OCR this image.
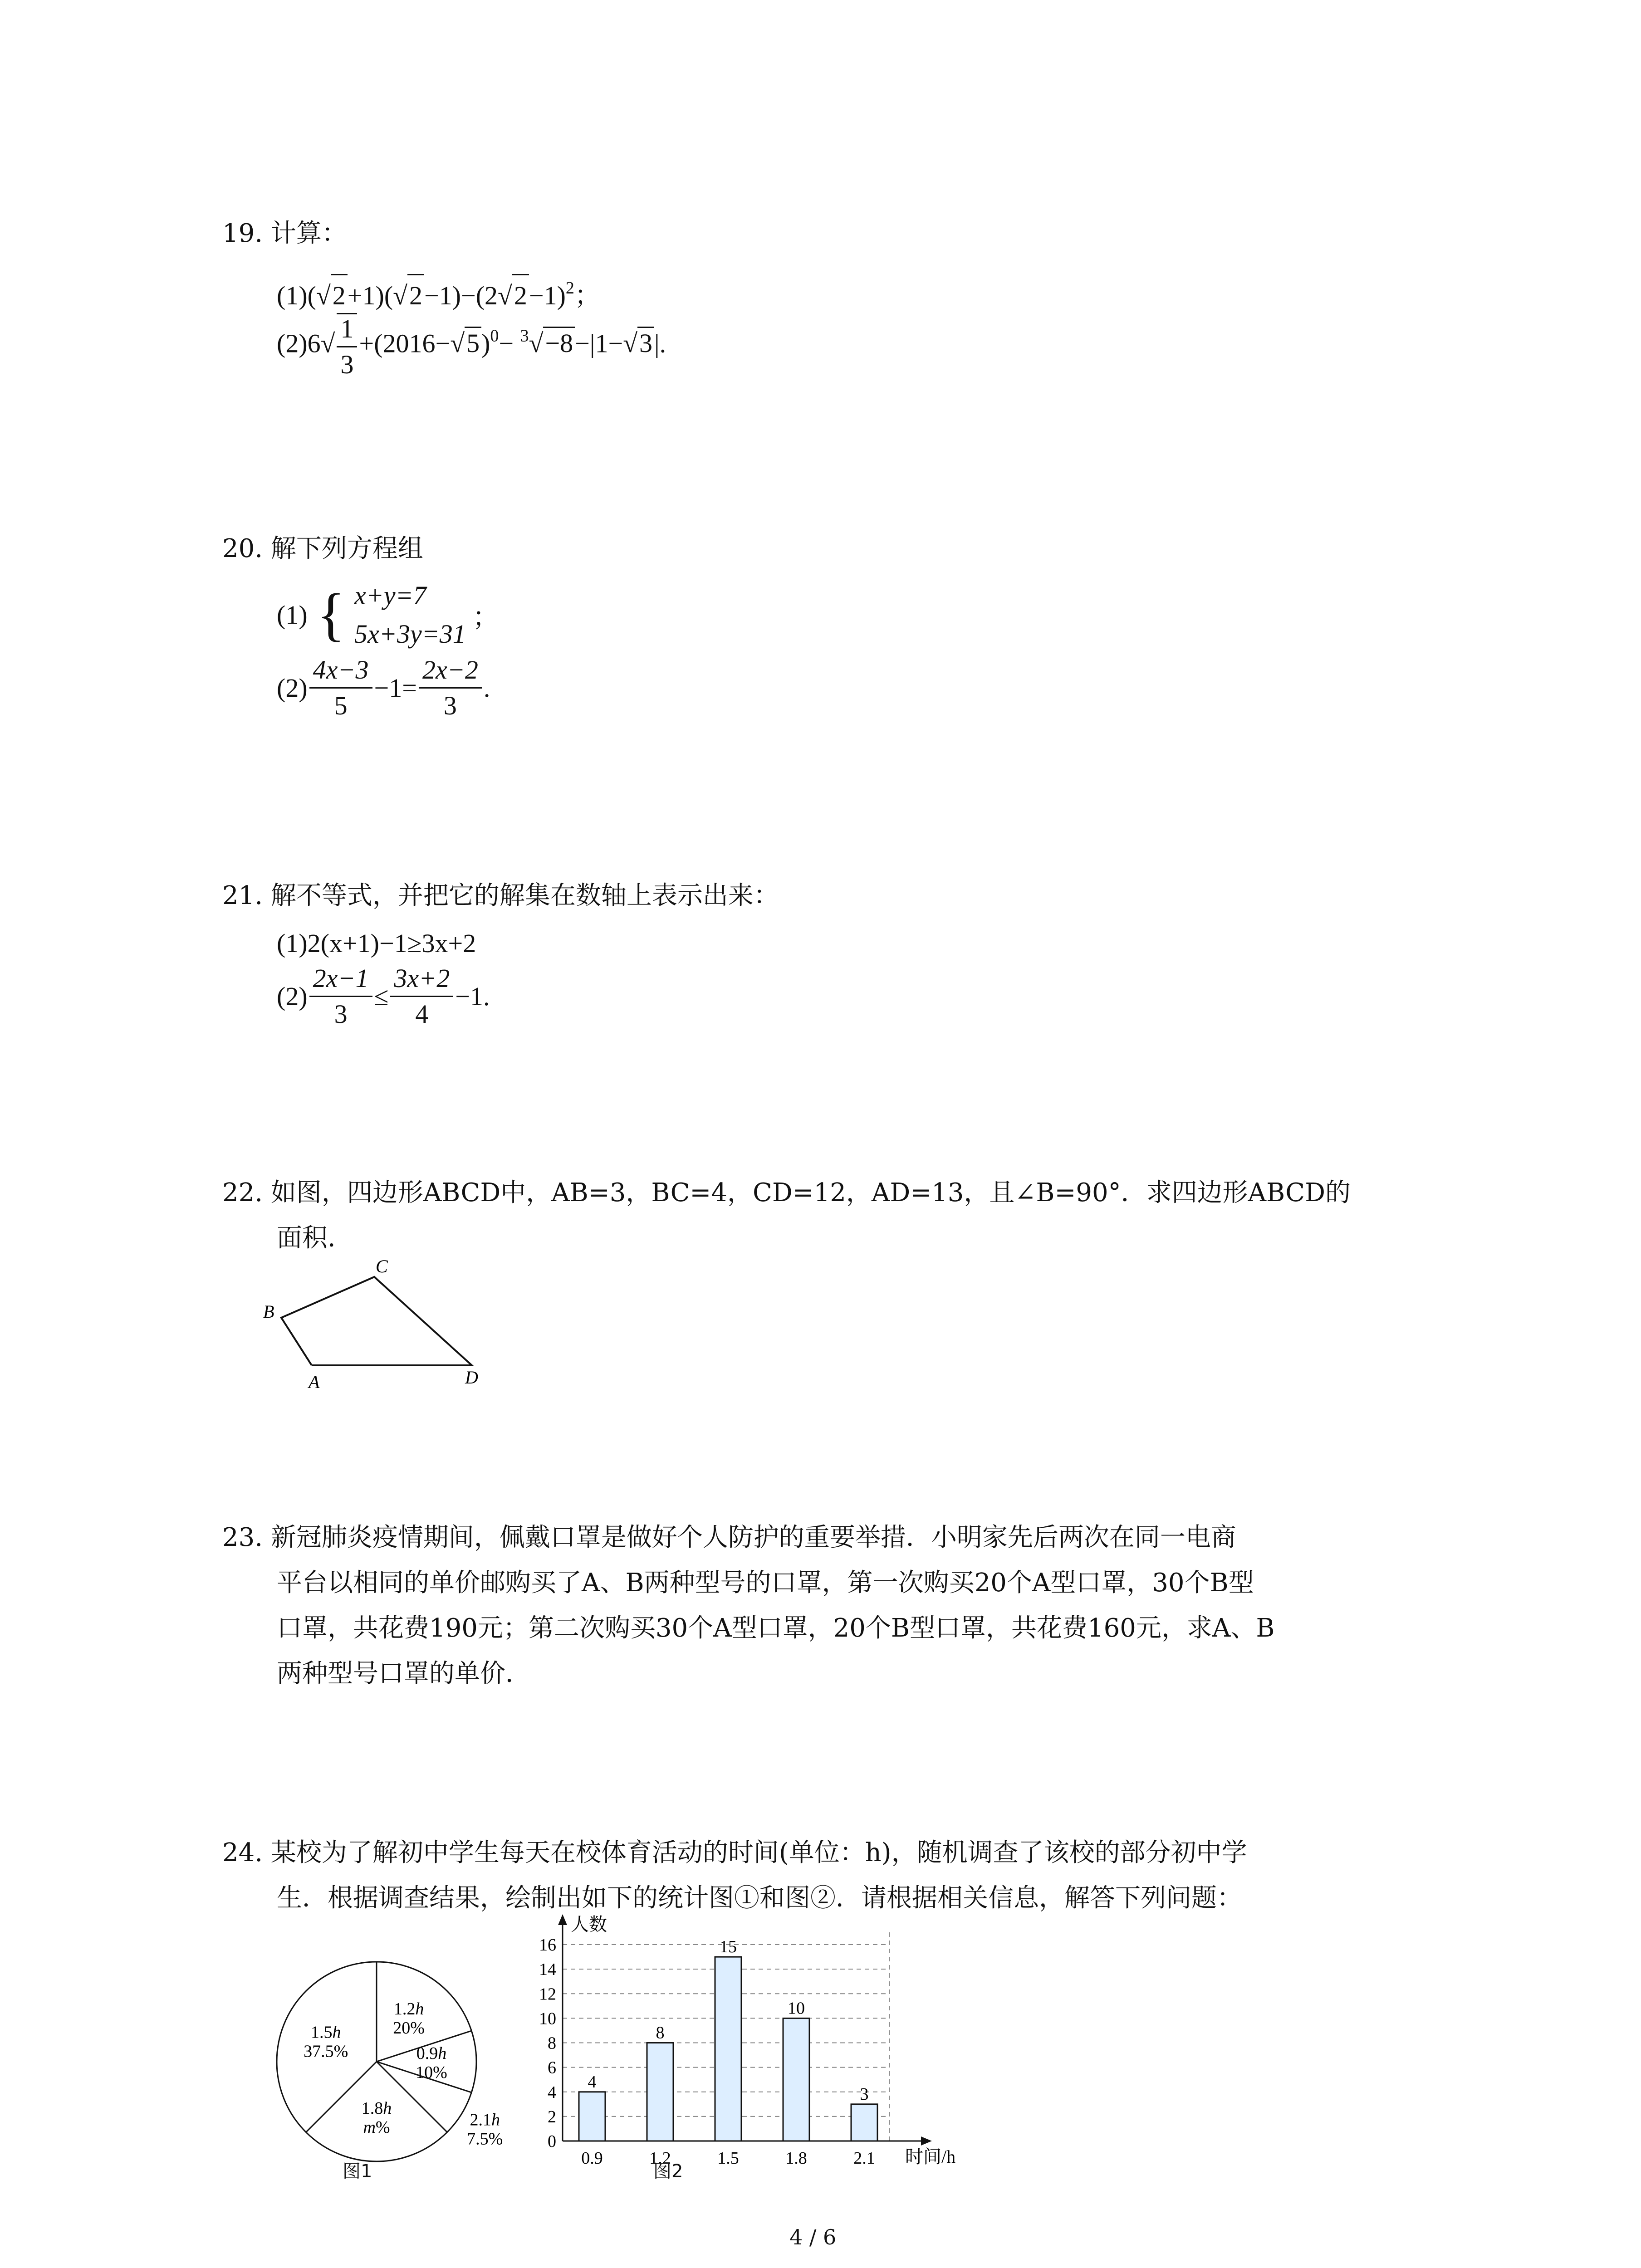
19. 计算：
$(1)(√2+1)(√2-1)-(2√2-1)^2$；
$(2)6√ \frac{1}{3} +(2016-√5)^0- ^3√-8-|1-√3|$.
20. 解下列方程组
(1) { x+y=7
5x+3y=31
；
$(2) \frac{4x-3}{5} -1= \frac{2x-2}{3}$ .
21. 解不等式，并把它的解集在数轴上表示出来：
(1)2(x+1)−1≥3x+2
$(2) \frac{2x-1}{3} \le \frac{3x+2}{4} -1$.
22. 如图，四边形ABCD中，AB=3，BC=4，CD=12，AD=13，且∠B=90°．求四边形ABCD的
面积．
C
B
A	D
23. 新冠肺炎疫情期间，佩戴口罩是做好个人防护的重要举措．小明家先后两次在同一电商
平台以相同的单价邮购买了A、B两种型号的口罩，第一次购买20个A型口罩，30个B型
口罩，共花费190元；第二次购买30个A型口罩，20个B型口罩，共花费160元，求A、B
两种型号口罩的单价．
24. 某校为了解初中学生每天在校体育活动的时间(单位：h)，随机调查了该校的部分初中学
生．根据调查结果，绘制出如下的统计图①和图②．请根据相关信息，解答下列问题：
1.2h
20%
0.9h
10%
2.1h
7.5%
1.8h
m%
1.5h
37.5%
图1
0
2
4
6
8
10
12
14
16
人数
时间/h
4
0.9
8
1.2
15
1.5
10
1.8
3
2.1
图2
4 / 6
